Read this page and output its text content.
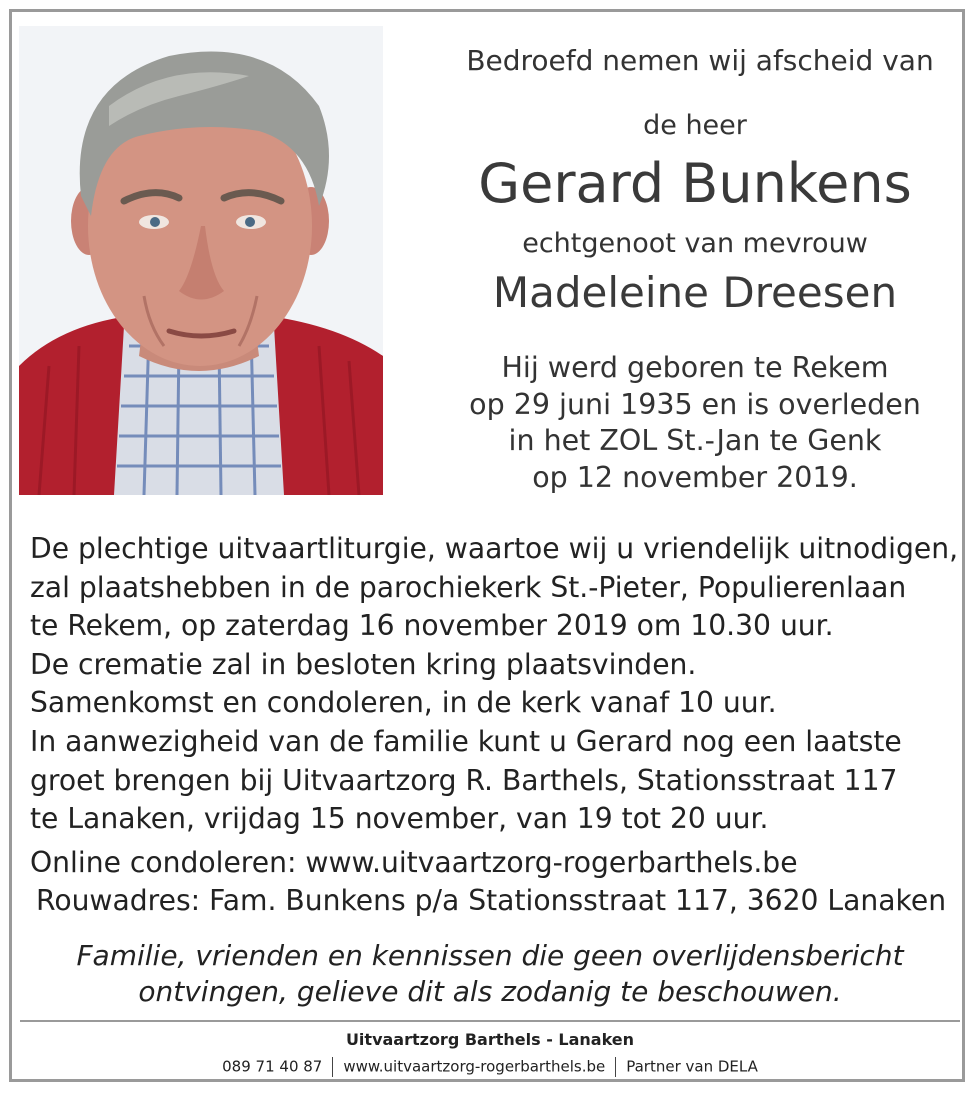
Bedroefd nemen wij afscheid van
de heer
Gerard Bunkens
echtgenoot van mevrouw
Madeleine Dreesen
Hij werd geboren te Rekem
op 29 juni 1935 en is overleden
in het ZOL St.-Jan te Genk
op 12 november 2019.
De plechtige uitvaartliturgie, waartoe wij u vriendelijk uitnodigen,
zal plaatshebben in de parochiekerk St.-Pieter, Populierenlaan
te Rekem, op zaterdag 16 november 2019 om 10.30 uur.
De crematie zal in besloten kring plaatsvinden.
Samenkomst en condoleren, in de kerk vanaf 10 uur.
In aanwezigheid van de familie kunt u Gerard nog een laatste
groet brengen bij Uitvaartzorg R. Barthels, Stationsstraat 117
te Lanaken, vrijdag 15 november, van 19 tot 20 uur.
Online condoleren: www.uitvaartzorg-rogerbarthels.be
Rouwadres: Fam. Bunkens p/a Stationsstraat 117, 3620 Lanaken
Familie, vrienden en kennissen die geen overlijdensbericht
ontvingen, gelieve dit als zodanig te beschouwen.
Uitvaartzorg Barthels - Lanaken
089 71 40 87 www.uitvaartzorg-rogerbarthels.be Partner van DELA
